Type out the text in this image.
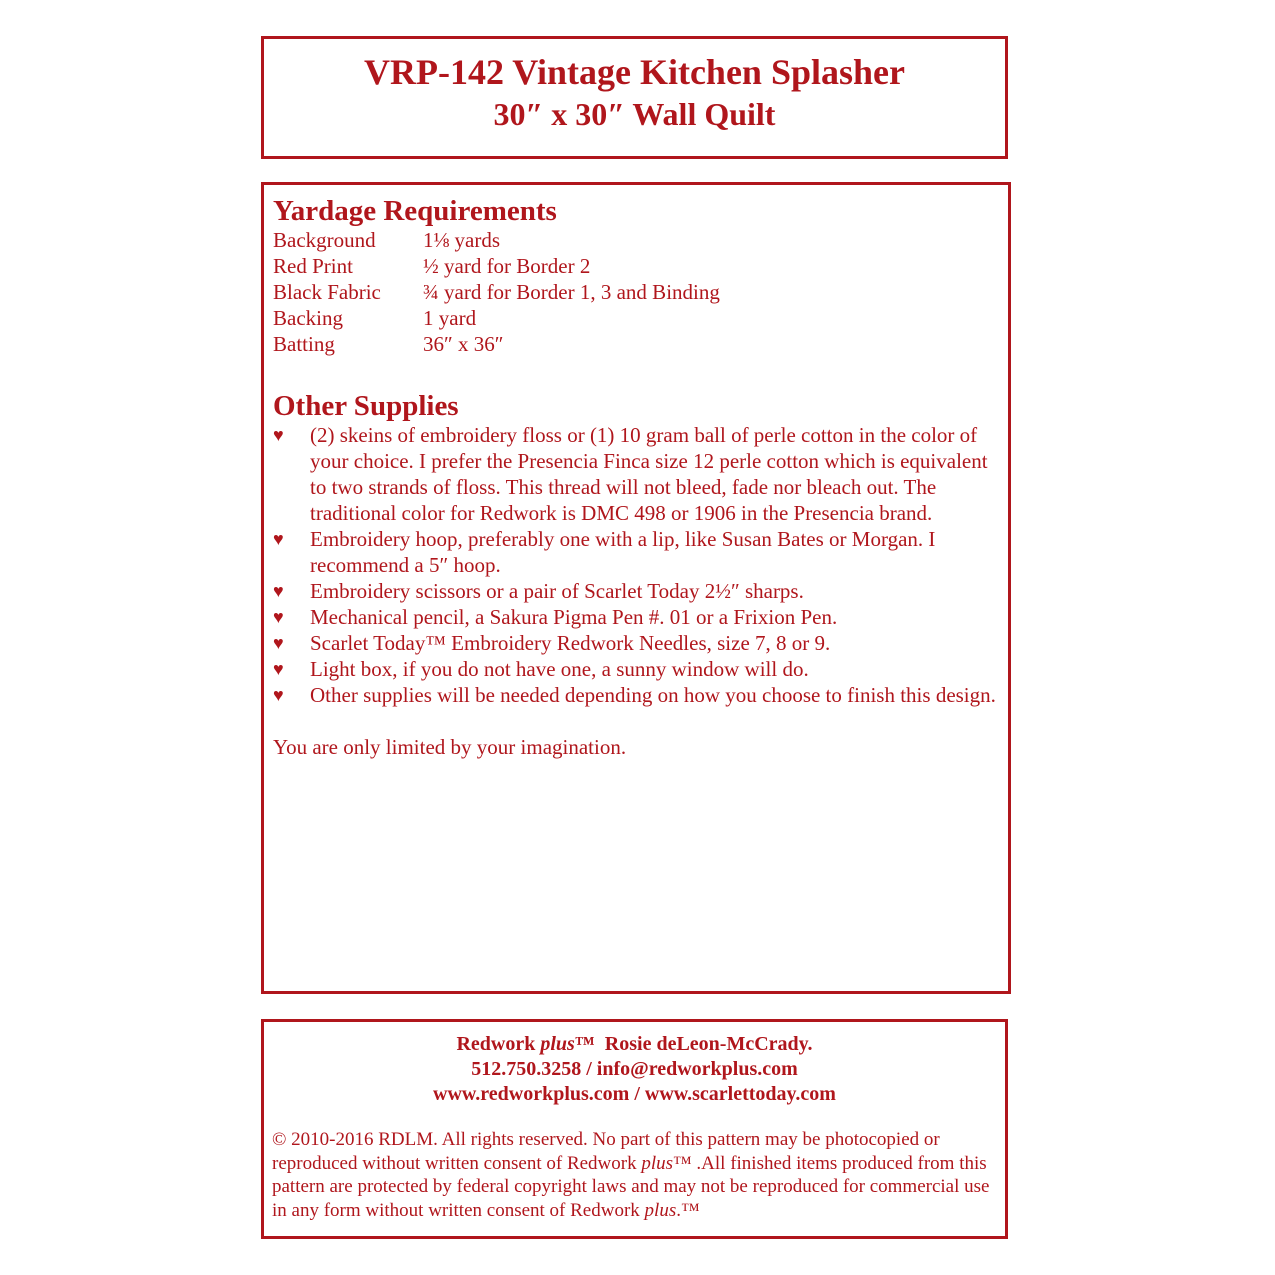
VRP-142 Vintage Kitchen Splasher
30″ x 30″ Wall Quilt
Yardage Requirements
Background	1⅛ yards
Red Print	½ yard for Border 2
Black Fabric	¾ yard for Border 1, 3 and Binding
Backing	1 yard
Batting	36″ x 36″
Other Supplies
♥	(2) skeins of embroidery floss or (1) 10 gram ball of perle cotton in the color of your choice. I prefer the Presencia Finca size 12 perle cotton which is equivalent to two strands of floss. This thread will not bleed, fade nor bleach out. The traditional color for Redwork is DMC 498 or 1906 in the Presencia brand.
♥	Embroidery hoop, preferably one with a lip, like Susan Bates or Morgan. I recommend a 5″ hoop.
♥	Embroidery scissors or a pair of Scarlet Today 2½″ sharps.
♥	Mechanical pencil, a Sakura Pigma Pen #. 01 or a Frixion Pen.
♥	Scarlet Today™ Embroidery Redwork Needles, size 7, 8 or 9.
♥	Light box, if you do not have one, a sunny window will do.
♥	Other supplies will be needed depending on how you choose to finish this design.
You are only limited by your imagination.
Redwork plus™ Rosie deLeon-McCrady.
512.750.3258 / info@redworkplus.com
www.redworkplus.com / www.scarlettoday.com
© 2010-2016 RDLM. All rights reserved. No part of this pattern may be photocopied or reproduced without written consent of Redwork plus™ .All finished items produced from this pattern are protected by federal copyright laws and may not be reproduced for commercial use in any form without written consent of Redwork plus.™
